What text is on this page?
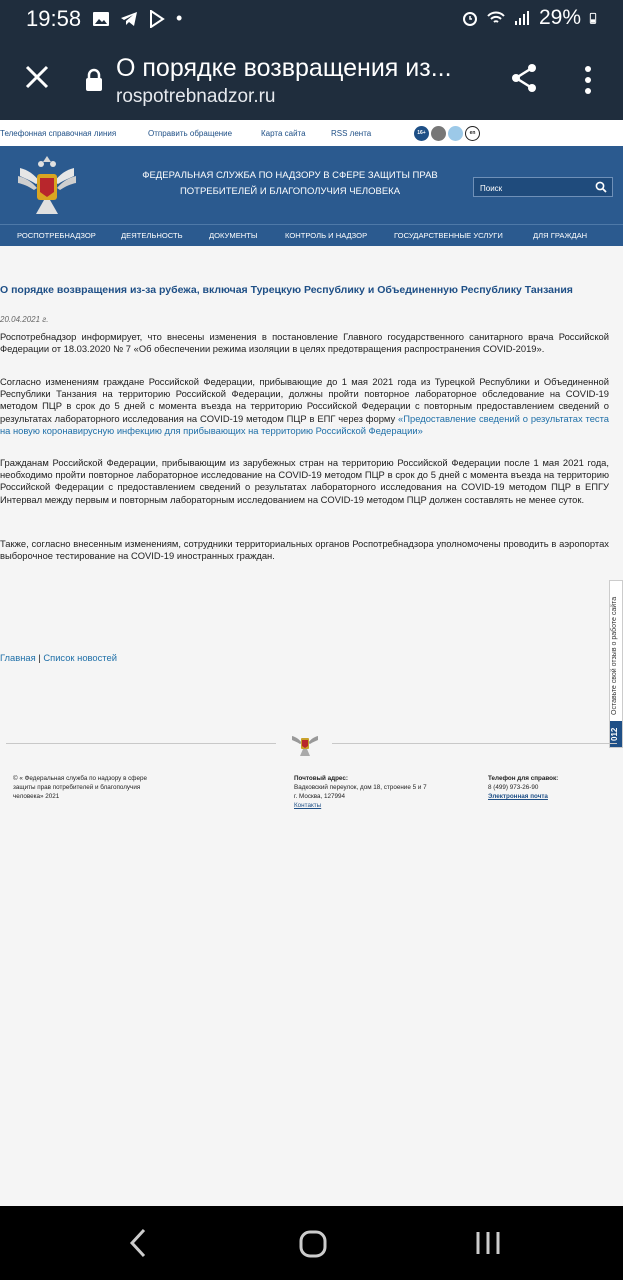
19:58	•	29%
О порядке возвращения из...
rospotrebnadzor.ru
Телефонная справочная линия	Отправить обращение	Карта сайта	RSS лента	16+	en
ФЕДЕРАЛЬНАЯ СЛУЖБА ПО НАДЗОРУ В СФЕРЕ ЗАЩИТЫ ПРАВ
ПОТРЕБИТЕЛЕЙ И БЛАГОПОЛУЧИЯ ЧЕЛОВЕКА
Поиск
РОСПОТРЕБНАДЗОР	ДЕЯТЕЛЬНОСТЬ	ДОКУМЕНТЫ	КОНТРОЛЬ И НАДЗОР	ГОСУДАРСТВЕННЫЕ УСЛУГИ	ДЛЯ ГРАЖДАН
О порядке возвращения из-за рубежа, включая Турецкую Республику и Объединенную Республику Танзания
20.04.2021 г.
Роспотребнадзор информирует, что внесены изменения в постановление Главного государственного санитарного врача Российской Федерации от 18.03.2020 № 7 «Об обеспечении режима изоляции в целях предотвращения распространения COVID-2019».
Согласно изменениям граждане Российской Федерации, прибывающие до 1 мая 2021 года из Турецкой Республики и Объединенной Республики Танзания на территорию Российской Федерации, должны пройти повторное лабораторное обследование на COVID-19 методом ПЦР в срок до 5 дней с момента въезда на территорию Российской Федерации с повторным предоставлением сведений о результатах лабораторного исследования на COVID-19 методом ПЦР в ЕПГ через форму «Предоставление сведений о результатах теста на новую коронавирусную инфекцию для прибывающих на территорию Российской Федерации»
Гражданам Российской Федерации, прибывающим из зарубежных стран на территорию Российской Федерации после 1 мая 2021 года, необходимо пройти повторное лабораторное исследование на COVID-19 методом ПЦР в срок до 5 дней с момента въезда на территорию Российской Федерации с предоставлением сведений о результатах лабораторного исследования на COVID-19 методом ПЦР в ЕПГУ Интервал между первым и повторным лабораторным исследованием на COVID-19 методом ПЦР должен составлять не менее суток.
Также, согласно внесенным изменениям, сотрудники территориальных органов Роспотребнадзора уполномочены проводить в аэропортах выборочное тестирование на COVID-19 иностранных граждан.
Главная | Список новостей	Оставьте свой отзыв о работе сайта
012
© « Федеральная служба по надзору в сфере
защиты прав потребителей и благополучия
человека» 2021
Почтовый адрес:
Вадковский переулок, дом 18, строение 5 и 7
г. Москва, 127994
Контакты
Телефон для справок:
8 (499) 973-26-90
Электронная почта
